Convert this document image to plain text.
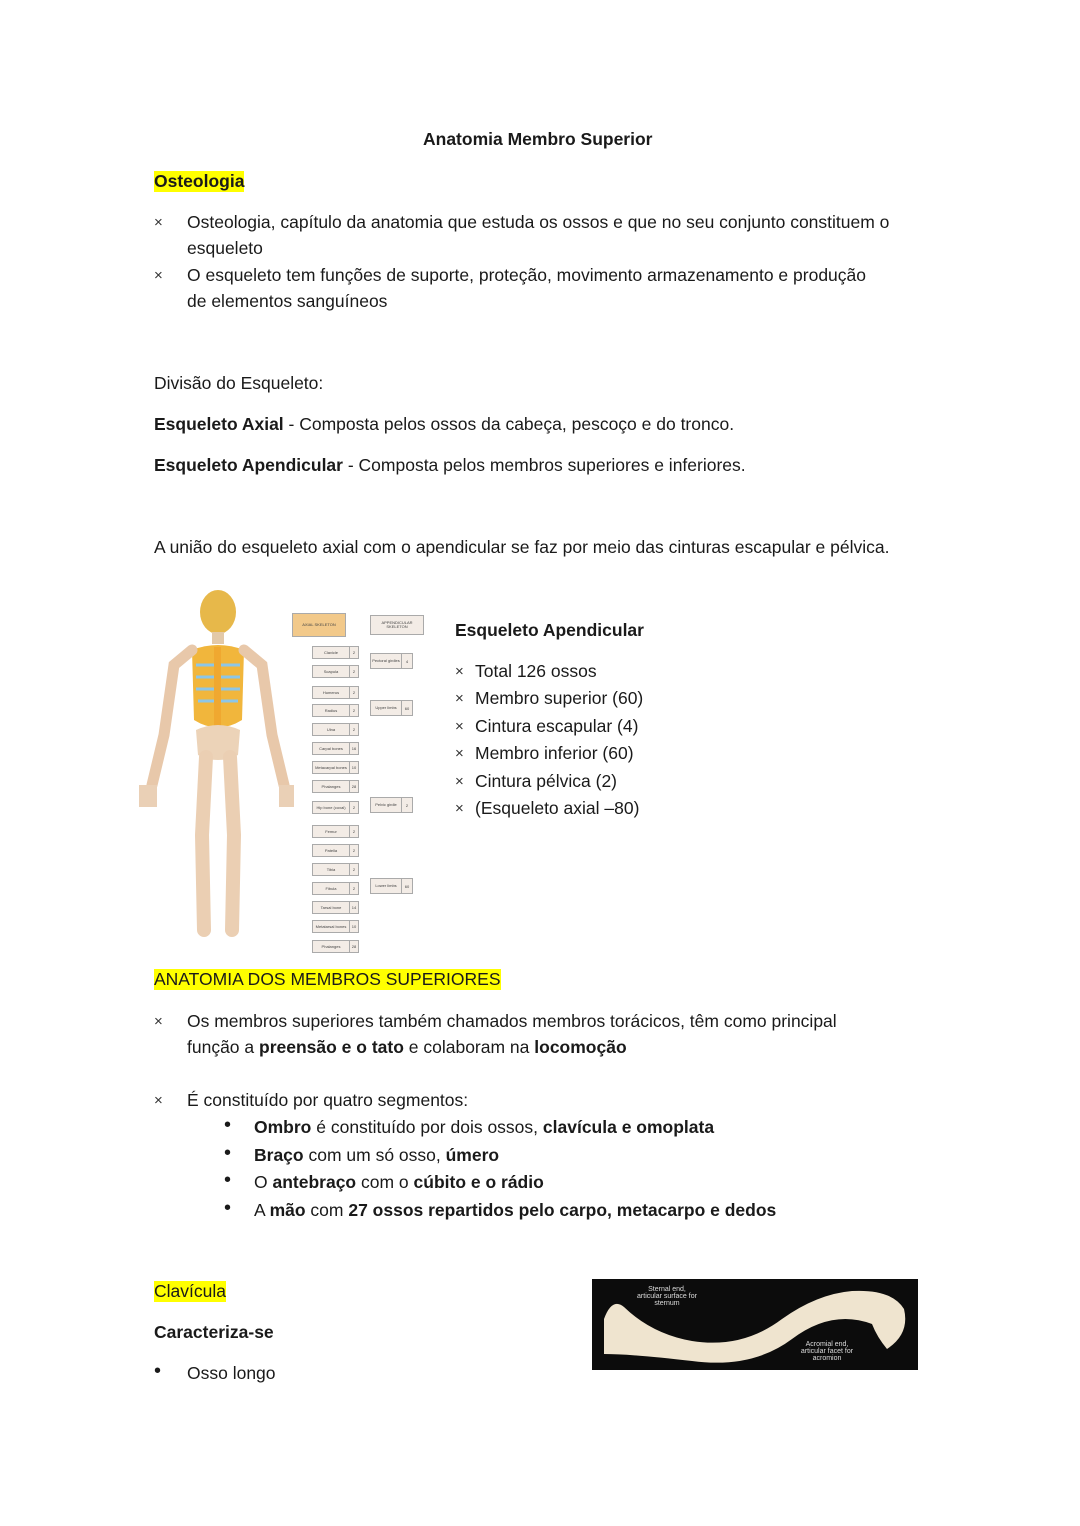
Anatomia Membro Superior
Osteologia
× Osteologia, capítulo da anatomia que estuda os ossos e que no seu conjunto constituem o
esqueleto
× O esqueleto tem funções de suporte, proteção, movimento armazenamento e produção
de elementos sanguíneos
Divisão do Esqueleto:
Esqueleto Axial - Composta pelos ossos da cabeça, pescoço e do tronco.
Esqueleto Apendicular - Composta pelos membros superiores e inferiores.
A união do esqueleto axial com o apendicular se faz por meio das cinturas escapular e pélvica.
AXIAL SKELETON	APPENDICULAR SKELETON
Clavicle	2
Scapula	2
Humerus	2
Radius	2
Ulna	2
Carpal bones	16
Metacarpal bones	10
Phalanges	28
Hip bone (coxal)	2
Femur	2
Patella	2
Tibia	2
Fibula	2
Tarsal bone	14
Metatarsal bones	10
Phalanges	28
Pectoral girdles	4
Upper limbs	60
Pelvic girdle	2
Lower limbs	60
Esqueleto Apendicular
× Total 126 ossos
× Membro superior (60)
× Cintura escapular (4)
× Membro inferior (60)
× Cintura pélvica (2)
× (Esqueleto axial –80)
ANATOMIA DOS MEMBROS SUPERIORES
× Os membros superiores também chamados membros torácicos, têm como principal
função a preensão e o tato e colaboram na locomoção
× É constituído por quatro segmentos:
• Ombro é constituído por dois ossos, clavícula e omoplata
• Braço com um só osso, úmero
• O antebraço com o cúbito e o rádio
• A mão com 27 ossos repartidos pelo carpo, metacarpo e dedos
Clavícula
Caracteriza-se
• Osso longo
Sternal end, articular surface for sternum
Acromial end, articular facet for acromion
